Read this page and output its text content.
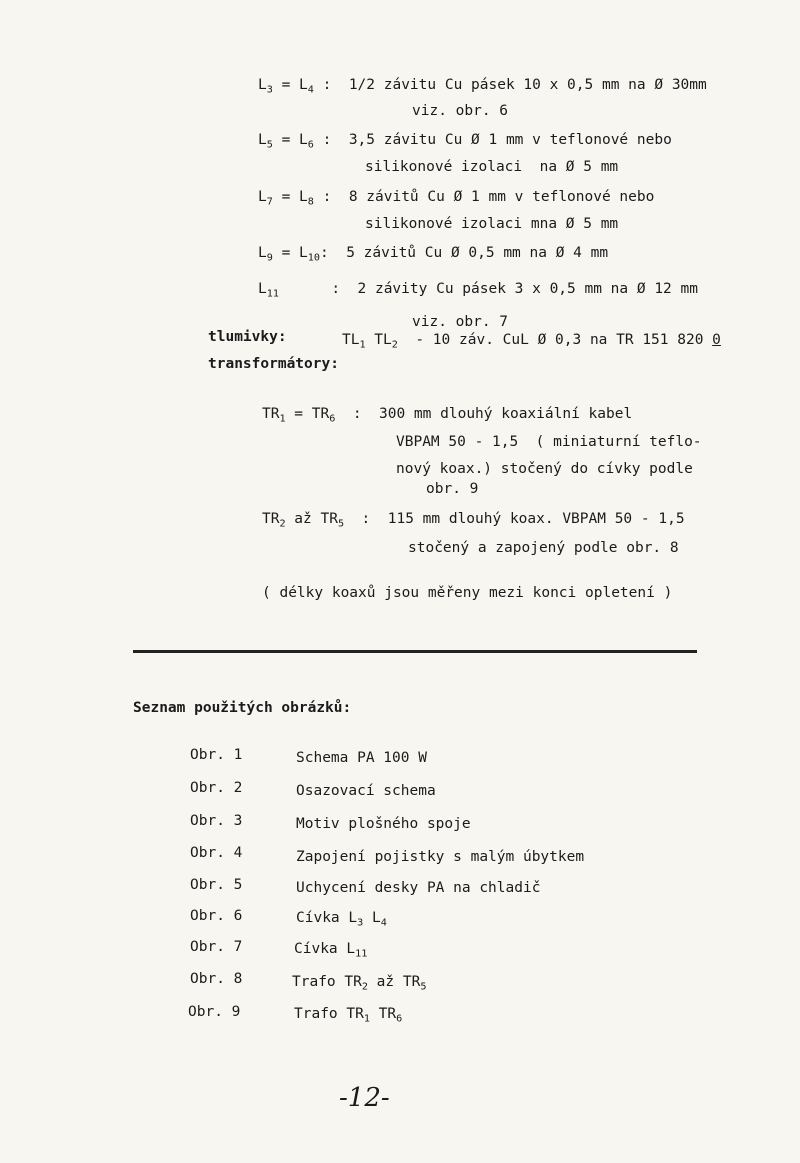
$L_3 = L_4$ :  1/2 závitu Cu pásek 10 x 0,5 mm na Ø 30mm
viz. obr. 6
$L_5 = L_6$ :  3,5 závitu Cu Ø 1 mm v teflonové nebo
silikonové izolaci  na Ø 5 mm
$L_7 = L_8$ :  8 závitů Cu Ø 1 mm v teflonové nebo
silikonové izolaci mna Ø 5 mm
$L_9 = L_{10}$:  5 závitů Cu Ø 0,5 mm na Ø 4 mm
$L_{11}$      :  2 závity Cu pásek 3 x 0,5 mm na Ø 12 mm
viz. obr. 7
tlumivky:	$TL_1$ $TL_2 - 10$ záv. CuL Ø 0,3 na TR 151 820 0
transformátory:
$TR_1 = TR_6$  :  300 mm dlouhý koaxiální kabel
VBPAM 50 - 1,5  ( miniaturní teflo-
nový koax.) stočený do cívky podle
obr. 9
$TR_2$ až $TR_5$  :  115 mm dlouhý koax. VBPAM 50 - 1,5
stočený a zapojený podle obr. 8
( délky koaxů jsou měřeny mezi konci opletení )
Seznam použitých obrázků:
Obr. 1	Schema PA 100 W
Obr. 2	Osazovací schema
Obr. 3	Motiv plošného spoje
Obr. 4	Zapojení pojistky s malým úbytkem
Obr. 5	Uchycení desky PA na chladič
Obr. 6	Cívka $L_3$ $L_4$
Obr. 7	Cívka $L_{11}$
Obr. 8	Trafo $TR_2$ až $TR_5$
Obr. 9	Trafo $TR_1$ $TR_6$
-12-
